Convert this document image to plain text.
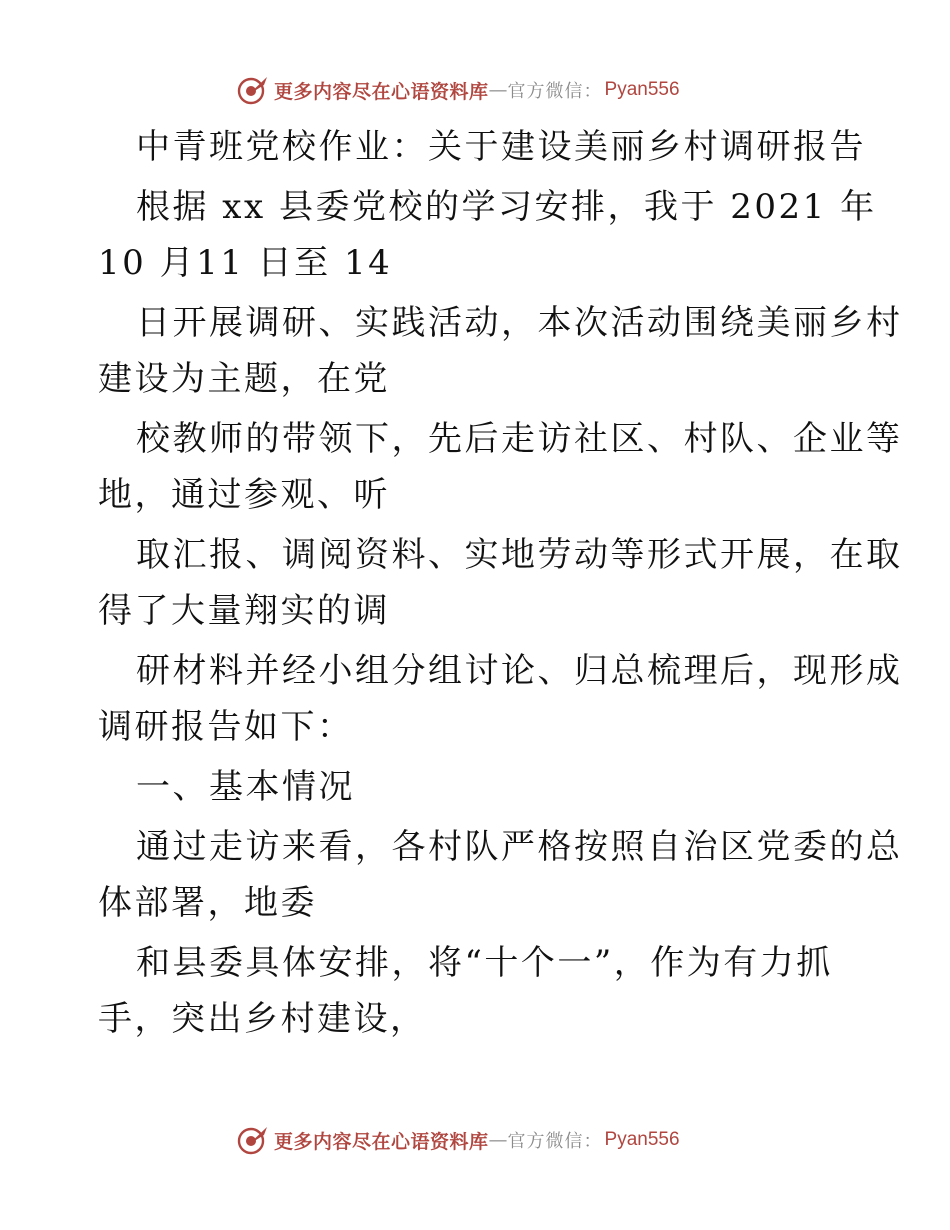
更多内容尽在心语资料库 — 官方微信： Pyan556
中青班党校作业：关于建设美丽乡村调研报告
根据 xx 县委党校的学习安排，我于 2021 年
10 月11 日至 14
日开展调研、实践活动，本次活动围绕美丽乡村
建设为主题，在党
校教师的带领下，先后走访社区、村队、企业等
地，通过参观、听
取汇报、调阅资料、实地劳动等形式开展，在取
得了大量翔实的调
研材料并经小组分组讨论、归总梳理后，现形成
调研报告如下：
一、基本情况
通过走访来看，各村队严格按照自治区党委的总
体部署，地委
和县委具体安排，将“十个一”，作为有力抓
手，突出乡村建设，
更多内容尽在心语资料库 — 官方微信： Pyan556
